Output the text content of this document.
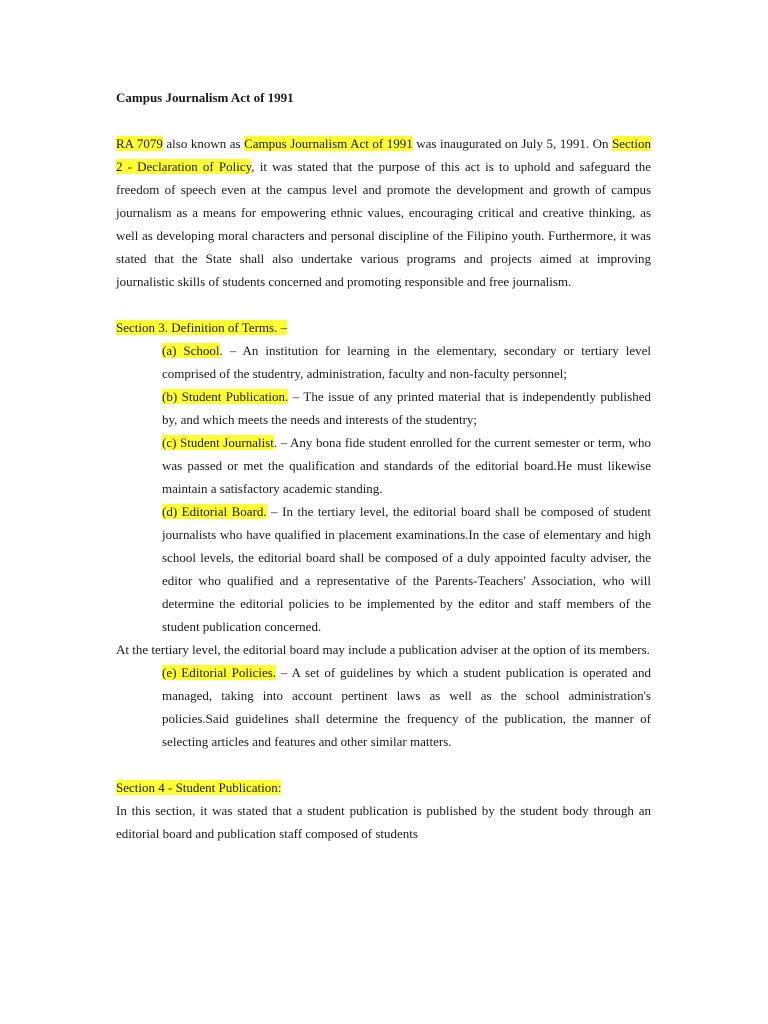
Campus Journalism Act of 1991

RA 7079 also known as Campus Journalism Act of 1991 was inaugurated on July 5, 1991. On Section 2 - Declaration of Policy, it was stated that the purpose of this act is to uphold and safeguard the freedom of speech even at the campus level and promote the development and growth of campus journalism as a means for empowering ethnic values, encouraging critical and creative thinking, as well as developing moral characters and personal discipline of the Filipino youth. Furthermore, it was stated that the State shall also undertake various programs and projects aimed at improving journalistic skills of students concerned and promoting responsible and free journalism.

Section 3. Definition of Terms. –

(a) School. – An institution for learning in the elementary, secondary or tertiary level comprised of the studentry, administration, faculty and non-faculty personnel;

(b) Student Publication. – The issue of any printed material that is independently published by, and which meets the needs and interests of the studentry;

(c) Student Journalist. – Any bona fide student enrolled for the current semester or term, who was passed or met the qualification and standards of the editorial board.He must likewise maintain a satisfactory academic standing.

(d) Editorial Board. – In the tertiary level, the editorial board shall be composed of student journalists who have qualified in placement examinations.In the case of elementary and high school levels, the editorial board shall be composed of a duly appointed faculty adviser, the editor who qualified and a representative of the Parents-Teachers' Association, who will determine the editorial policies to be implemented by the editor and staff members of the student publication concerned.

At the tertiary level, the editorial board may include a publication adviser at the option of its members.

(e) Editorial Policies. – A set of guidelines by which a student publication is operated and managed, taking into account pertinent laws as well as the school administration's policies.Said guidelines shall determine the frequency of the publication, the manner of selecting articles and features and other similar matters.

Section 4 - Student Publication:

In this section, it was stated that a student publication is published by the student body through an editorial board and publication staff composed of students
